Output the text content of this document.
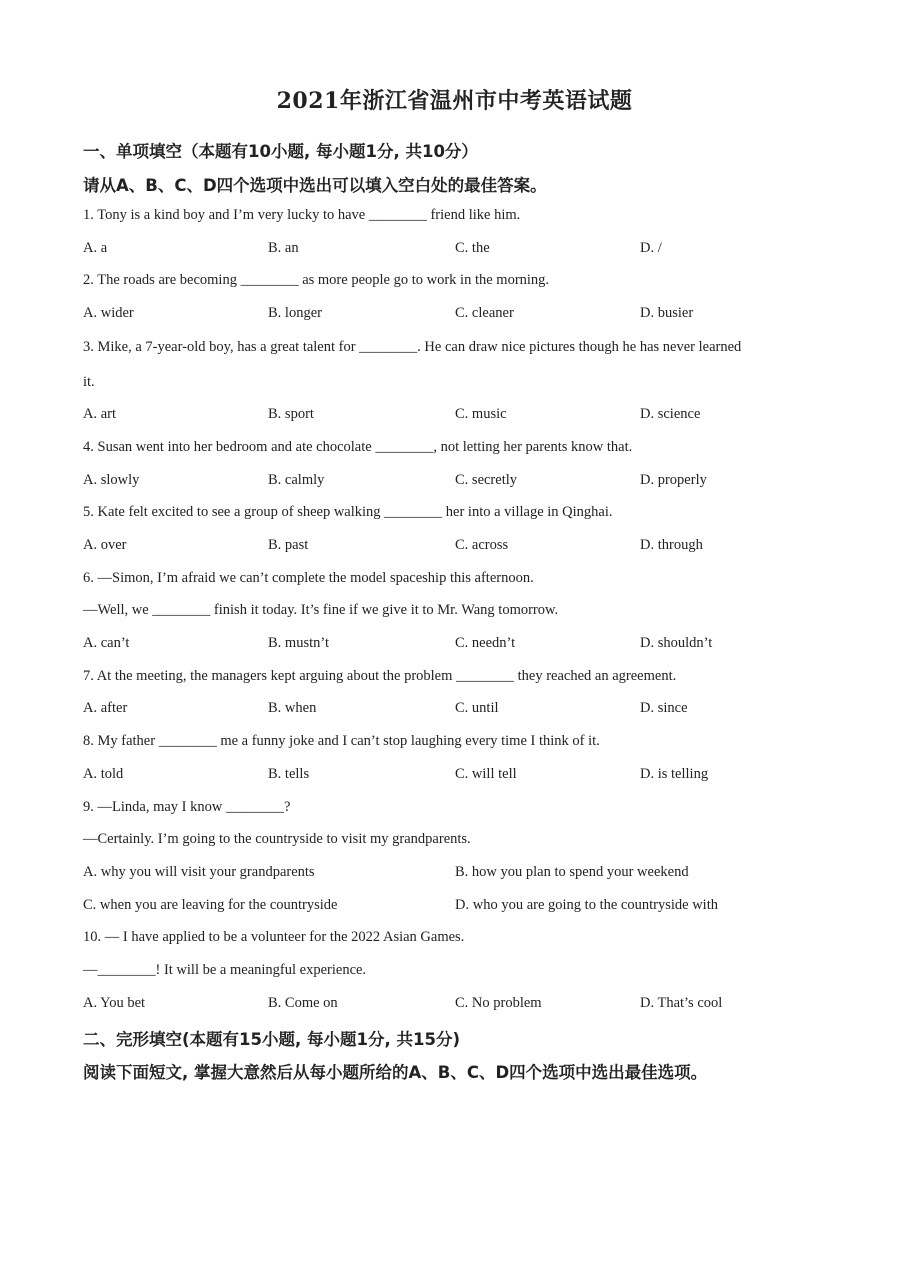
2021年浙江省温州市中考英语试题
一、单项填空（本题有10小题, 每小题1分, 共10分）
请从A、B、C、D四个选项中选出可以填入空白处的最佳答案。
1. Tony is a kind boy and I’m very lucky to have ________ friend like him.
A. a	B. an	C. the	D. /
2. The roads are becoming ________ as more people go to work in the morning.
A. wider	B. longer	C. cleaner	D. busier
3. Mike, a 7-year-old boy, has a great talent for ________. He can draw nice pictures though he has never learned
it.
A. art	B. sport	C. music	D. science
4. Susan went into her bedroom and ate chocolate ________, not letting her parents know that.
A. slowly	B. calmly	C. secretly	D. properly
5. Kate felt excited to see a group of sheep walking ________ her into a village in Qinghai.
A. over	B. past	C. across	D. through
6. —Simon, I’m afraid we can’t complete the model spaceship this afternoon.
—Well, we ________ finish it today. It’s fine if we give it to Mr. Wang tomorrow.
A. can’t	B. mustn’t	C. needn’t	D. shouldn’t
7. At the meeting, the managers kept arguing about the problem ________ they reached an agreement.
A. after	B. when	C. until	D. since
8. My father ________ me a funny joke and I can’t stop laughing every time I think of it.
A. told	B. tells	C. will tell	D. is telling
9. —Linda, may I know ________?
—Certainly. I’m going to the countryside to visit my grandparents.
A. why you will visit your grandparents	B. how you plan to spend your weekend
C. when you are leaving for the countryside	D. who you are going to the countryside with
10. — I have applied to be a volunteer for the 2022 Asian Games.
—________! It will be a meaningful experience.
A. You bet	B. Come on	C. No problem	D. That’s cool
二、完形填空(本题有15小题, 每小题1分, 共15分)
阅读下面短文, 掌握大意然后从每小题所给的A、B、C、D四个选项中选出最佳选项。
